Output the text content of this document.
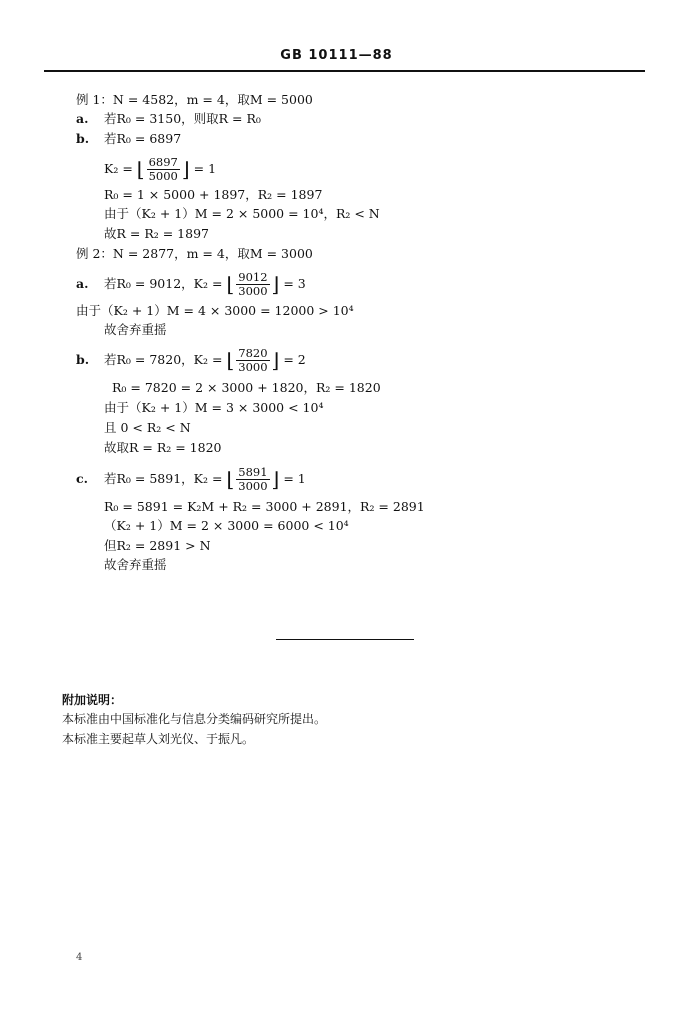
GB 10111—88
例 1：N = 4582，m = 4，取M = 5000
a. 若R₀ = 3150，则取R = R₀
b. 若R₀ = 6897
K₂ = ⌊ $\frac{6897}{5000}$ ⌋ = 1
R₀ = 1 × 5000 + 1897，R₂ = 1897
由于（K₂ + 1）M = 2 × 5000 = 10⁴，R₂ < N
故R = R₂ = 1897
例 2：N = 2877，m = 4，取M = 3000
a. 若R₀ = 9012，K₂ = ⌊ $\frac{9012}{3000}$ ⌋ = 3
由于（K₂ + 1）M = 4 × 3000 = 12000 > 10⁴
故舍弃重摇
b. 若R₀ = 7820，K₂ = ⌊ $\frac{7820}{3000}$ ⌋ = 2
R₀ = 7820 = 2 × 3000 + 1820，R₂ = 1820
由于（K₂ + 1）M = 3 × 3000 < 10⁴
且 0 < R₂ < N
故取R = R₂ = 1820
c. 若R₀ = 5891，K₂ = ⌊ $\frac{5891}{3000}$ ⌋ = 1
R₀ = 5891 = K₂M + R₂ = 3000 + 2891，R₂ = 2891
（K₂ + 1）M = 2 × 3000 = 6000 < 10⁴
但R₂ = 2891 > N
故舍弃重摇
附加说明：
本标准由中国标准化与信息分类编码研究所提出。
本标准主要起草人刘光仪、于振凡。
4
